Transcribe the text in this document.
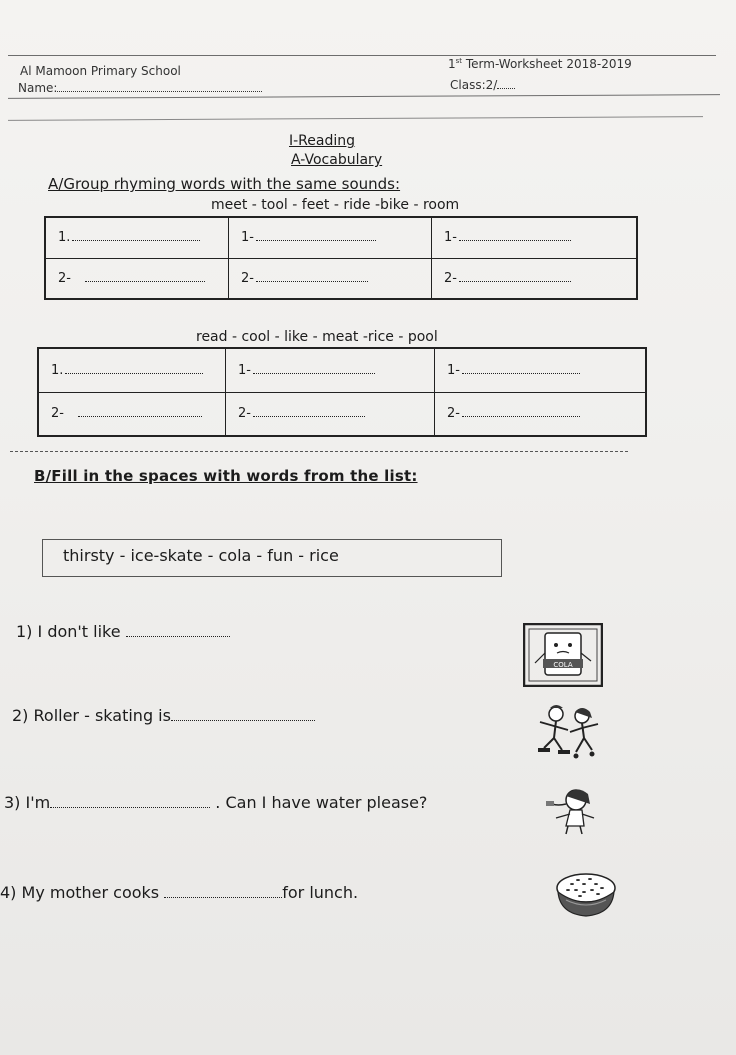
Al Mamoon Primary School	1st Term-Worksheet 2018-2019
Name:	Class:2/
I-Reading
A-Vocabulary
A/Group rhyming words with the same sounds:
meet - tool - feet - ride -bike - room
1.	1-	1-
2-	2-	2-
read - cool - like - meat -rice - pool
1.	1-	1-
2-	2-	2-
B/Fill in the spaces with words from the list:
thirsty - ice-skate - cola - fun - rice
1) I don't like
2) Roller - skating is
3) I'm	. Can I have water please?
4) My mother cooks	for lunch.
COLA
